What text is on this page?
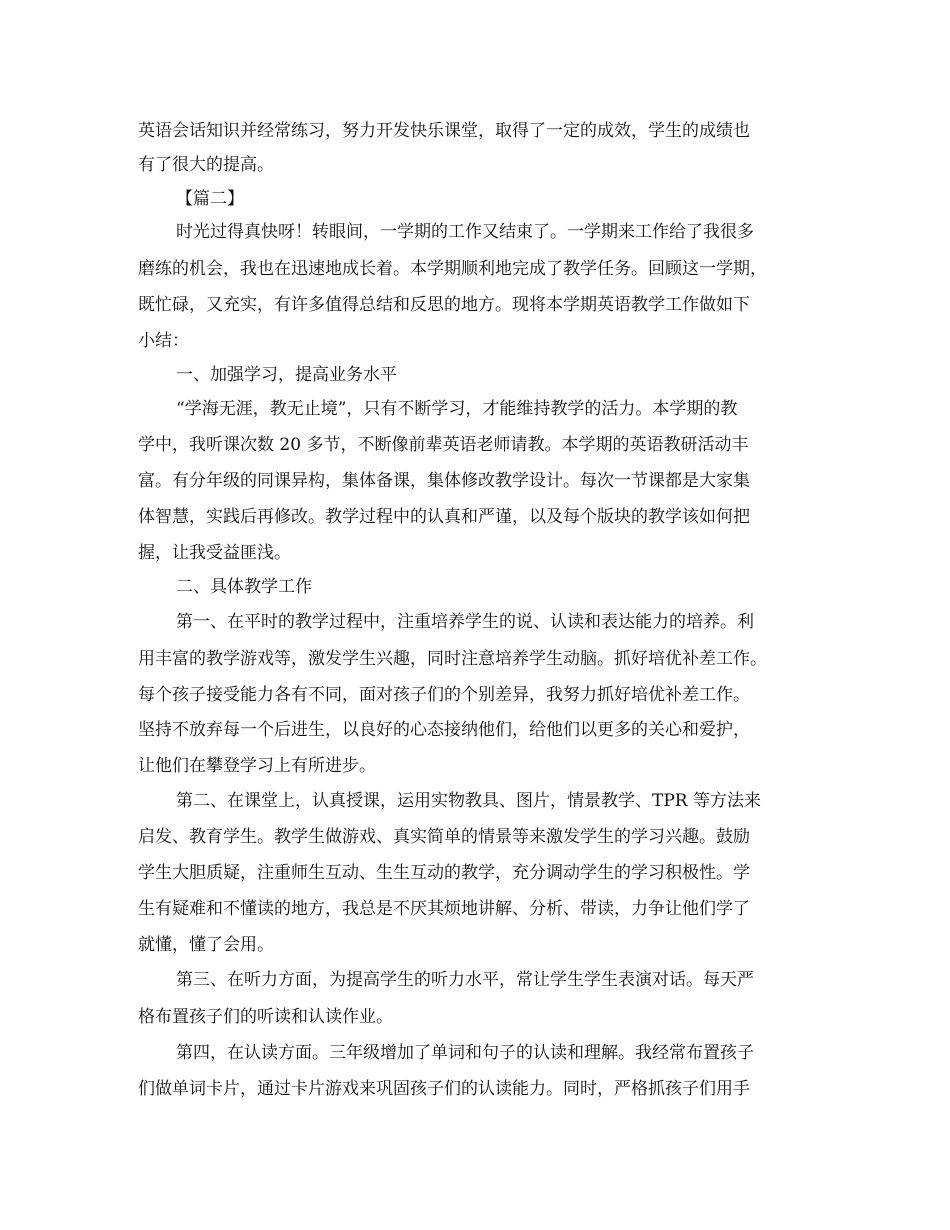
英语会话知识并经常练习，努力开发快乐课堂，取得了一定的成效，学生的成绩也
有了很大的提高。
【篇二】
时光过得真快呀！转眼间，一学期的工作又结束了。一学期来工作给了我很多
磨练的机会，我也在迅速地成长着。本学期顺利地完成了教学任务。回顾这一学期，
既忙碌，又充实，有许多值得总结和反思的地方。现将本学期英语教学工作做如下
小结：
一、加强学习，提高业务水平
“学海无涯，教无止境”，只有不断学习，才能维持教学的活力。本学期的教
学中，我听课次数 20 多节，不断像前辈英语老师请教。本学期的英语教研活动丰
富。有分年级的同课异构，集体备课，集体修改教学设计。每次一节课都是大家集
体智慧，实践后再修改。教学过程中的认真和严谨，以及每个版块的教学该如何把
握，让我受益匪浅。
二、具体教学工作
第一、在平时的教学过程中，注重培养学生的说、认读和表达能力的培养。利
用丰富的教学游戏等，激发学生兴趣，同时注意培养学生动脑。抓好培优补差工作。
每个孩子接受能力各有不同，面对孩子们的个别差异，我努力抓好培优补差工作。
坚持不放弃每一个后进生，以良好的心态接纳他们，给他们以更多的关心和爱护，
让他们在攀登学习上有所进步。
第二、在课堂上，认真授课，运用实物教具、图片，情景教学、TPR 等方法来
启发、教育学生。教学生做游戏、真实简单的情景等来激发学生的学习兴趣。鼓励
学生大胆质疑，注重师生互动、生生互动的教学，充分调动学生的学习积极性。学
生有疑难和不懂读的地方，我总是不厌其烦地讲解、分析、带读，力争让他们学了
就懂，懂了会用。
第三、在听力方面，为提高学生的听力水平，常让学生学生表演对话。每天严
格布置孩子们的听读和认读作业。
第四，在认读方面。三年级增加了单词和句子的认读和理解。我经常布置孩子
们做单词卡片，通过卡片游戏来巩固孩子们的认读能力。同时，严格抓孩子们用手
